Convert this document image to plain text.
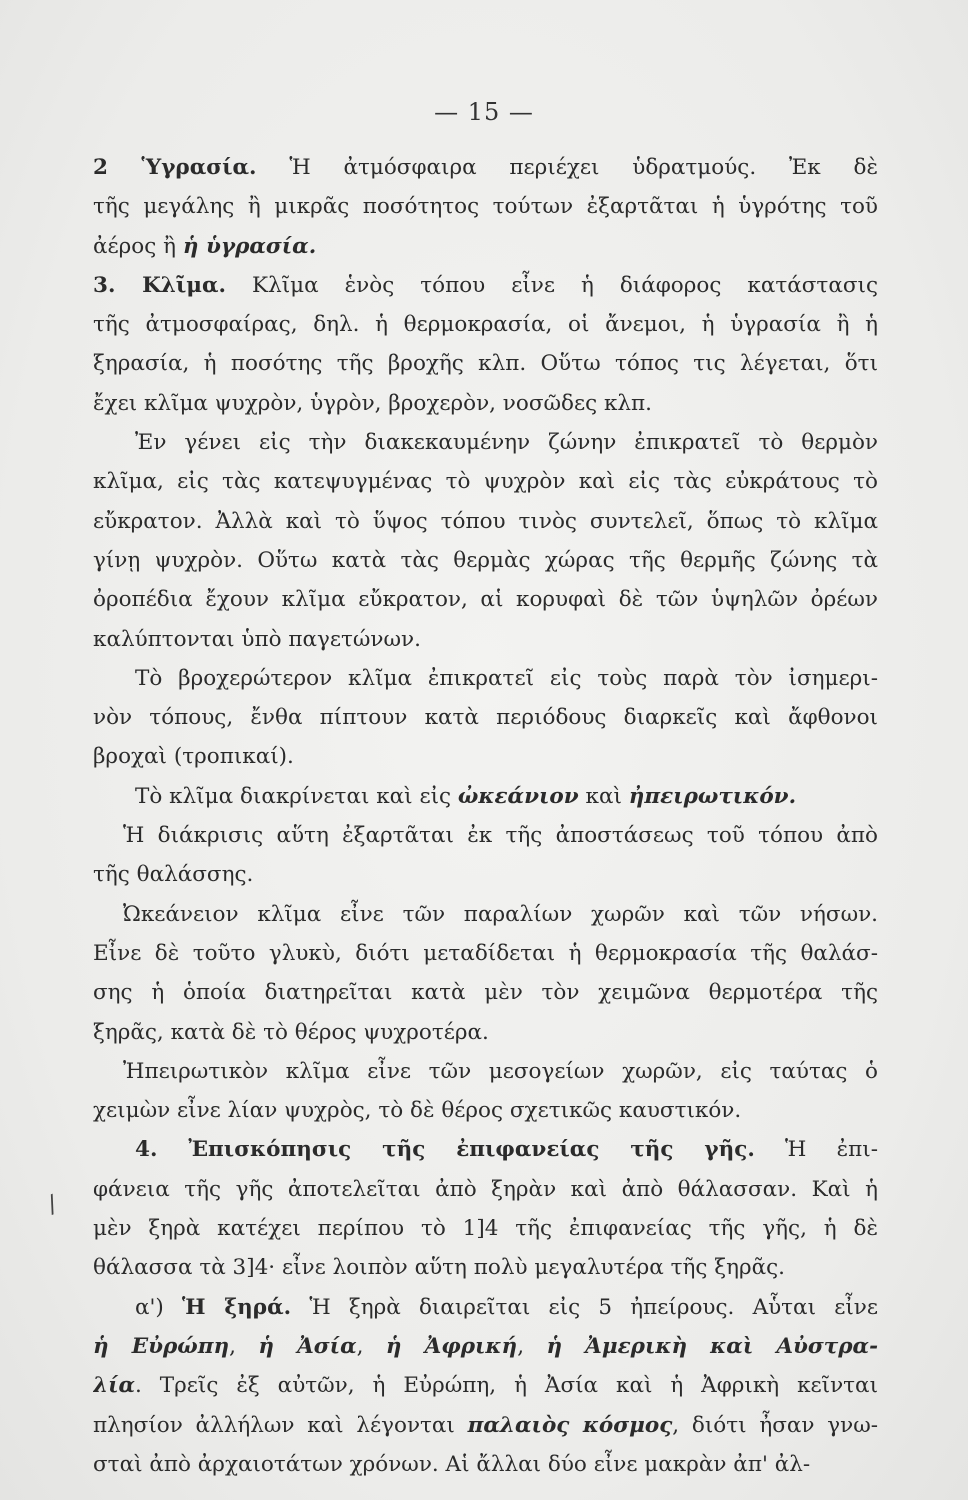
— 15 —
/
2 Ὑγρασία. Ἡ ἀτμόσφαιρα περιέχει ὑδρατμούς. Ἐκ δὲ
τῆς μεγάλης ἢ μικρᾶς ποσότητος τούτων ἐξαρτᾶται ἡ ὑγρότης τοῦ
ἀέρος ἢ ἡ ὑγρασία.
3. Κλῖμα. Κλῖμα ἑνὸς τόπου εἶνε ἡ διάφορος κατάστασις
τῆς ἀτμοσφαίρας, δηλ. ἡ θερμοκρασία, οἱ ἄνεμοι, ἡ ὑγρασία ἢ ἡ
ξηρασία, ἡ ποσότης τῆς βροχῆς κλπ. Οὕτω τόπος τις λέγεται, ὅτι
ἔχει κλῖμα ψυχρὸν, ὑγρὸν, βροχερὸν, νοσῶδες κλπ.
Ἐν γένει εἰς τὴν διακεκαυμένην ζώνην ἐπικρατεῖ τὸ θερμὸν
κλῖμα, εἰς τὰς κατεψυγμένας τὸ ψυχρὸν καὶ εἰς τὰς εὐκράτους τὸ
εὔκρατον. Ἀλλὰ καὶ τὸ ὕψος τόπου τινὸς συντελεῖ, ὅπως τὸ κλῖμα
γίνῃ ψυχρὸν. Οὕτω κατὰ τὰς θερμὰς χώρας τῆς θερμῆς ζώνης τὰ
ὀροπέδια ἔχουν κλῖμα εὔκρατον, αἱ κορυφαὶ δὲ τῶν ὑψηλῶν ὀρέων
καλύπτονται ὑπὸ παγετώνων.
Τὸ βροχερώτερον κλῖμα ἐπικρατεῖ εἰς τοὺς παρὰ τὸν ἰσημερι-
νὸν τόπους, ἔνθα πίπτουν κατὰ περιόδους διαρκεῖς καὶ ἄφθονοι
βροχαὶ (τροπικαί).
Τὸ κλῖμα διακρίνεται καὶ εἰς ὠκεάνιον καὶ ἠπειρωτικόν.
Ἡ διάκρισις αὕτη ἐξαρτᾶται ἐκ τῆς ἀποστάσεως τοῦ τόπου ἀπὸ
τῆς θαλάσσης.
Ὠκεάνειον κλῖμα εἶνε τῶν παραλίων χωρῶν καὶ τῶν νήσων.
Εἶνε δὲ τοῦτο γλυκὺ, διότι μεταδίδεται ἡ θερμοκρασία τῆς θαλάσ-
σης ἡ ὁποία διατηρεῖται κατὰ μὲν τὸν χειμῶνα θερμοτέρα τῆς
ξηρᾶς, κατὰ δὲ τὸ θέρος ψυχροτέρα.
Ἠπειρωτικὸν κλῖμα εἶνε τῶν μεσογείων χωρῶν, εἰς ταύτας ὁ
χειμὼν εἶνε λίαν ψυχρὸς, τὸ δὲ θέρος σχετικῶς καυστικόν.
4. Ἐπισκόπησις τῆς ἐπιφανείας τῆς γῆς. Ἡ ἐπι-
φάνεια τῆς γῆς ἀποτελεῖται ἀπὸ ξηρὰν καὶ ἀπὸ θάλασσαν. Καὶ ἡ
μὲν ξηρὰ κατέχει περίπου τὸ 1]4 τῆς ἐπιφανείας τῆς γῆς, ἡ δὲ
θάλασσα τὰ 3]4· εἶνε λοιπὸν αὕτη πολὺ μεγαλυτέρα τῆς ξηρᾶς.
α') Ἡ ξηρά. Ἡ ξηρὰ διαιρεῖται εἰς 5 ἠπείρους. Αὗται εἶνε
ἡ Εὐρώπη, ἡ Ἀσία, ἡ Ἀφρική, ἡ Ἀμερικὴ καὶ Αὐστρα-
λία. Τρεῖς ἐξ αὐτῶν, ἡ Εὐρώπη, ἡ Ἀσία καὶ ἡ Ἀφρικὴ κεῖνται
πλησίον ἀλλήλων καὶ λέγονται παλαιὸς κόσμος, διότι ἦσαν γνω-
σταὶ ἀπὸ ἀρχαιοτάτων χρόνων. Αἱ ἄλλαι δύο εἶνε μακρὰν ἀπ' ἀλ-
